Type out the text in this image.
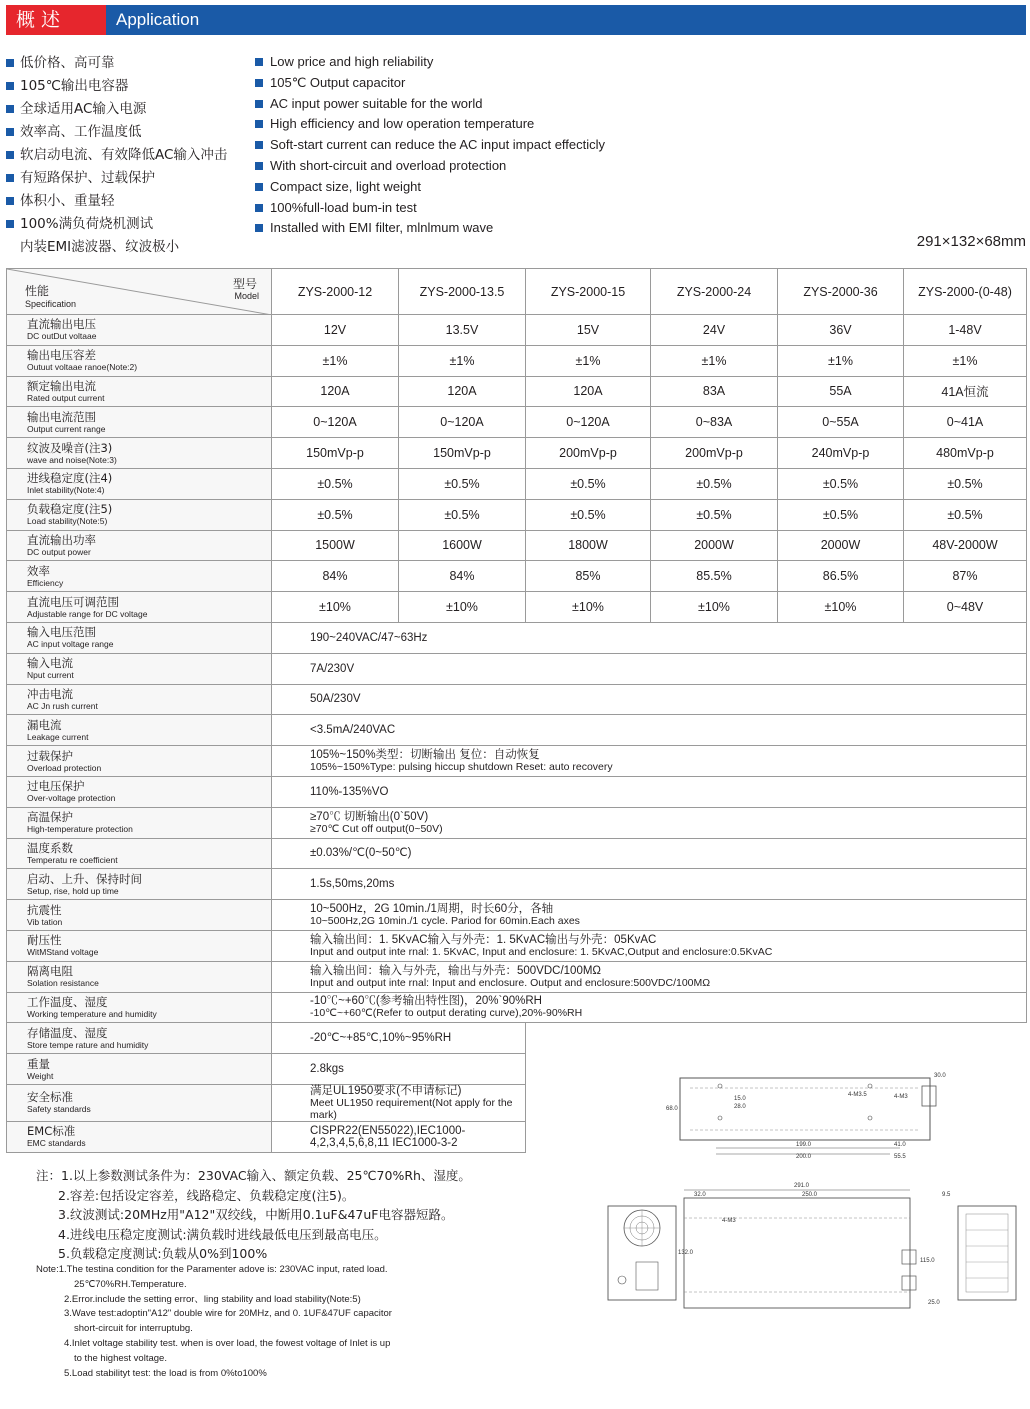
概述	Application
低价格、高可靠
105℃输出电容器
全球适用AC输入电源
效率高、工作温度低
软启动电流、有效降低AC输入冲击
有短路保护、过载保护
体积小、重量轻
100%满负荷烧机测试
内装EMI滤波器、纹波极小
Low price and high reliability
105℃ Output capacitor
AC input power suitable for the world
High efficiency and low operation temperature
Soft-start current can reduce the AC input impact effecticly
With short-circuit and overload protection
Compact size, light weight
100%full-load bum-in test
Installed with EMI filter, mlnlmum wave
291×132×68mm
性能
Specification
型号
Model	ZYS-2000-12	ZYS-2000-13.5	ZYS-2000-15	ZYS-2000-24	ZYS-2000-36	ZYS-2000-(0-48)

直流输出电压
DC outDut voltaae	12V	13.5V	15V	24V	36V	1-48V

输出电压容差
Outuut voltaae ranoe(Note:2)	±1%	±1%	±1%	±1%	±1%	±1%

额定输出电流
Rated output current	120A	120A	120A	83A	55A	41A恒流

输出电流范围
Output current range	0~120A	0~120A	0~120A	0~83A	0~55A	0~41A

纹波及噪音(注3)
wave and noise(Note:3)	150mVp-p	150mVp-p	200mVp-p	200mVp-p	240mVp-p	480mVp-p

进线稳定度(注4)
Inlet stability(Note:4)	±0.5%	±0.5%	±0.5%	±0.5%	±0.5%	±0.5%

负载稳定度(注5)
Load stability(Note:5)	±0.5%	±0.5%	±0.5%	±0.5%	±0.5%	±0.5%

直流输出功率
DC output power	1500W	1600W	1800W	2000W	2000W	48V-2000W

效率
Efficiency	84%	84%	85%	85.5%	86.5%	87%

直流电压可调范围
Adjustable range for DC voltage	±10%	±10%	±10%	±10%	±10%	0~48V

输入电压范围
AC input voltage range	190~240VAC/47~63Hz					

输入电流
Nput current	7A/230V					

冲击电流
AC Jn rush current	50A/230V					

漏电流
Leakage current	<3.5mA/240VAC					

过载保护
Overload protection	105%~150%类型：切断输出 复位：自动恢复
105%~150%Type: pulsing hiccup shutdown Reset: auto recovery					

过电压保护
Over-voltage protection	110%-135%VO					

高温保护
High-temperature protection	≥70℃ 切断输出(0`50V)
≥70℃ Cut off output(0~50V)					

温度系数
Temperatu re coefficient	±0.03%/℃(0~50℃)					

启动、上升、保持时间
Setup, rise, hold up time	1.5s,50ms,20ms					

抗震性
Vib tation	10~500Hz，2G 10min./1周期，时长60分，各轴
10~500Hz,2G 10min./1 cycle. Pariod for 60min.Each axes					

耐压性
WitMStand voltage	输入输出间：1. 5KvAC输入与外壳：1. 5KvAC输出与外壳：05KvAC
Input and output inte rnal: 1. 5KvAC, Input and enclosure: 1. 5KvAC,Output and enclosure:0.5KvAC					

隔离电阻
Solation resistance	输入输出间：输入与外壳，输出与外壳：500VDC/100MΩ
Input and output inte rnal: Input and enclosure. Output and enclosure:500VDC/100MΩ					

工作温度、湿度
Working temperature and humidity	-10℃~+60℃(参考输出特性图)，20%`90%RH
-10℃~+60℃(Refer to output derating curve),20%-90%RH					

存储温度、湿度
Store tempe rature and humidity	-20℃~+85℃,10%~95%RH					

重量
Weight	2.8kgs					

安全标准
Safety standards	满足UL1950要求(不申请标记)
Meet UL1950 requirement(Not apply for the mark)					

EMC标准
EMC standards	CISPR22(EN55022),IEC1000-4,2,3,4,5,6,8,11 IEC1000-3-2					
注：1.以上参数测试条件为：230VAC输入、额定负载、25℃70%Rh、湿度。
2.容差:包括设定容差，线路稳定、负载稳定度(注5)。
3.纹波测试:20MHz用"A12"双绞线，中断用0.1uF&47uF电容器短路。
4.进线电压稳定度测试:满负载时进线最低电压到最高电压。
5.负载稳定度测试:负载从0%到100%
Note:1.The testina condition for the Paramenter adove is: 230VAC input, rated load.
25℃70%RH.Temperature.
2.Error.include the setting error、ling stability and load stability(Note:5)
3.Wave test:adoptin"A12" double wire for 20MHz, and 0. 1UF&47UF capacitor
short-circuit for interruptubg.
4.Inlet voltage stability test. when is over load, the fowest voltage of Inlet is up
to the highest voltage.
5.Load stabilityt test: the load is from 0%to100%
30.0
15.0
28.0
4-M3.5	4-M3
68.0
199.0
200.0
41.0
55.5
291.0
32.0	250.0	9.5
4-M3
132.0
115.0
25.0
